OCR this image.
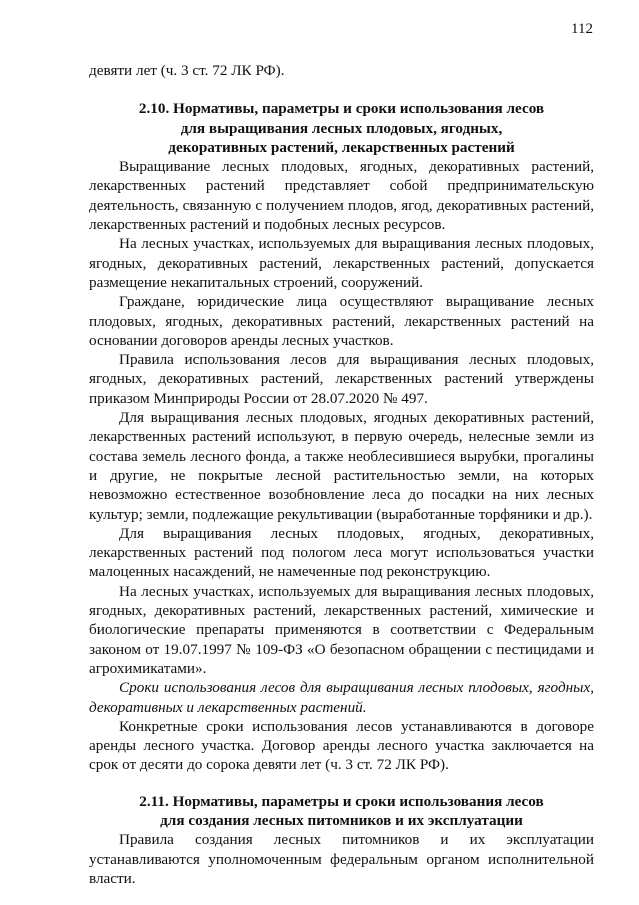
112

девяти лет (ч. 3 ст. 72 ЛК РФ).

2.10. Нормативы, параметры и сроки использования лесов
для выращивания лесных плодовых, ягодных,
декоративных растений, лекарственных растений

Выращивание лесных плодовых, ягодных, декоративных растений, лекарственных растений представляет собой предпринимательскую деятельность, связанную с получением плодов, ягод, декоративных растений, лекарственных растений и подобных лесных ресурсов.

На лесных участках, используемых для выращивания лесных плодовых, ягодных, декоративных растений, лекарственных растений, допускается размещение некапитальных строений, сооружений.

Граждане, юридические лица осуществляют выращивание лесных плодовых, ягодных, декоративных растений, лекарственных растений на основании договоров аренды лесных участков.

Правила использования лесов для выращивания лесных плодовых, ягодных, декоративных растений, лекарственных растений утверждены приказом Минприроды России от 28.07.2020 № 497.

Для выращивания лесных плодовых, ягодных декоративных растений, лекарственных растений используют, в первую очередь, нелесные земли из состава земель лесного фонда, а также необлесившиеся вырубки, прогалины и другие, не покрытые лесной растительностью земли, на которых невозможно естественное возобновление леса до посадки на них лесных культур; земли, подлежащие рекультивации (выработанные торфяники и др.).

Для выращивания лесных плодовых, ягодных, декоративных, лекарственных растений под пологом леса могут использоваться участки малоценных насаждений, не намеченные под реконструкцию.

На лесных участках, используемых для выращивания лесных плодовых, ягодных, декоративных растений, лекарственных растений, химические и биологические препараты применяются в соответствии с Федеральным законом от 19.07.1997 № 109-ФЗ «О безопасном обращении с пестицидами и агрохимикатами».

Сроки использования лесов для выращивания лесных плодовых, ягодных, декоративных и лекарственных растений.

Конкретные сроки использования лесов устанавливаются в договоре аренды лесного участка. Договор аренды лесного участка заключается на срок от десяти до сорока девяти лет (ч. 3 ст. 72 ЛК РФ).

2.11. Нормативы, параметры и сроки использования лесов
для создания лесных питомников и их эксплуатации

Правила создания лесных питомников и их эксплуатации устанавливаются уполномоченным федеральным органом исполнительной власти.
